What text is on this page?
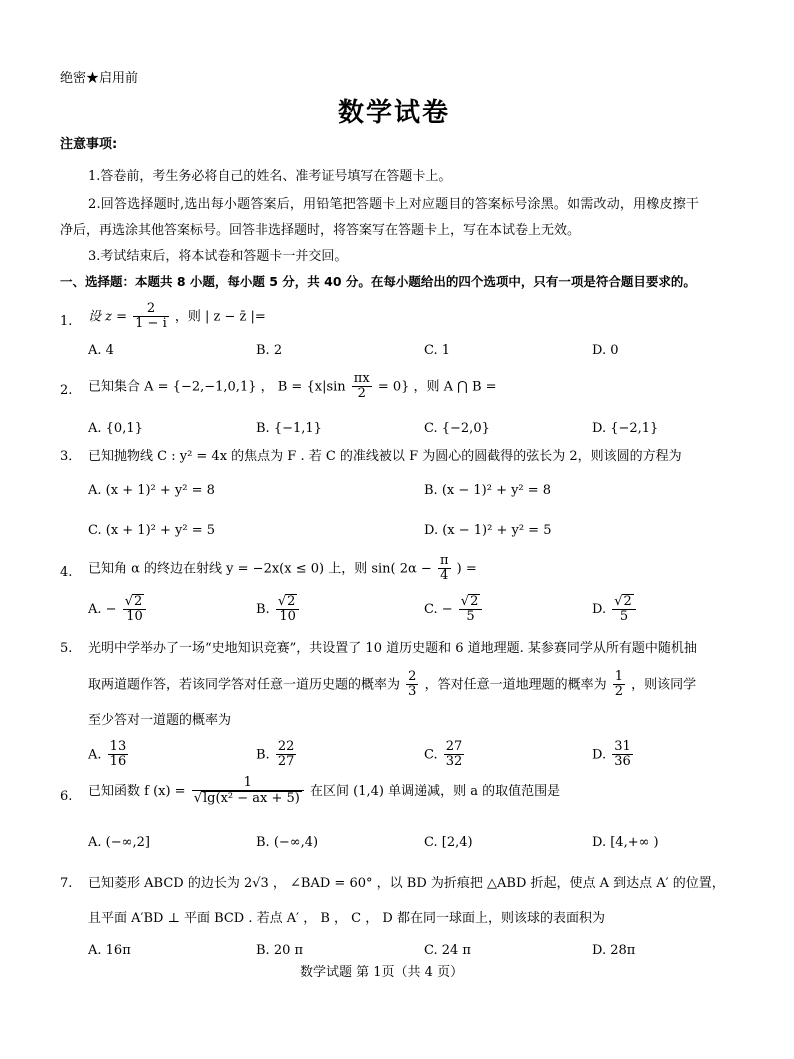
绝密★启用前
数学试卷
注意事项:
1.答卷前，考生务必将自己的姓名、准考证号填写在答题卡上。
2.回答选择题时,选出每小题答案后，用铅笔把答题卡上对应题目的答案标号涂黑。如需改动，用橡皮擦干
净后，再选涂其他答案标号。回答非选择题时，将答案写在答题卡上，写在本试卷上无效。
3.考试结束后，将本试卷和答题卡一并交回。
一、选择题：本题共 8 小题，每小题 5 分，共 40 分。在每小题给出的四个选项中，只有一项是符合题目要求的。
1. 设 $z = \frac{2}{1 - i}$ ，则 | z − z̄ |=
A. 4	B. 2	C. 1	D. 0
2. 已知集合 A = {−2,−1,0,1} ， $B = \{x|\sin \frac{\pi x}{2} = 0\}$ ，则 A ⋂ B =
A. {0,1}	B. {−1,1}	C. {−2,0}	D. {−2,1}
3． 已知抛物线 C : y² = 4x 的焦点为 F . 若 C 的准线被以 F 为圆心的圆截得的弦长为 2，则该圆的方程为
A. (x + 1)² + y² = 8	B. (x − 1)² + y² = 8
C. (x + 1)² + y² = 5	D. (x − 1)² + y² = 5
4. 已知角 α 的终边在射线 y = −2x(x ≤ 0) 上，则 sin( $2\alpha - \frac{\pi}{4}$ ) =
A. − $\frac{√2}{10}$	B. $\frac{√2}{10}$	C. − $\frac{√2}{5}$	D. $\frac{√2}{5}$
5. 光明中学举办了一场“史地知识竞赛”，共设置了 10 道历史题和 6 道地理题. 某参赛同学从所有题中随机抽
取两道题作答，若该同学答对任意一道历史题的概率为 $\frac{2}{3}$ ，答对任意一道地理题的概率为 $\frac{1}{2}$ ，则该同学
至少答对一道题的概率为
A. $\frac{13}{16}$	B. $\frac{22}{27}$	C. $\frac{27}{32}$	D. $\frac{31}{36}$
6. 已知函数 f $(x) = \frac{1}{\text{√lg(x² − ax + 5)}}$ 在区间 (1,4) 单调递减，则 a 的取值范围是
A. (−∞,2]	B. (−∞,4)	C. [2,4)	D. [4,+∞ )
7. 已知菱形 ABCD 的边长为 2√3 ， ∠BAD = 60° ，以 BD 为折痕把 △ABD 折起，使点 A 到达点 A′ 的位置，
且平面 A′BD ⊥ 平面 BCD . 若点 A′ ， B ， C ， D 都在同一球面上，则该球的表面积为
A. 16π	B. 20 π	C. 24 π	D. 28π
数学试题 第 1页（共 4 页）
